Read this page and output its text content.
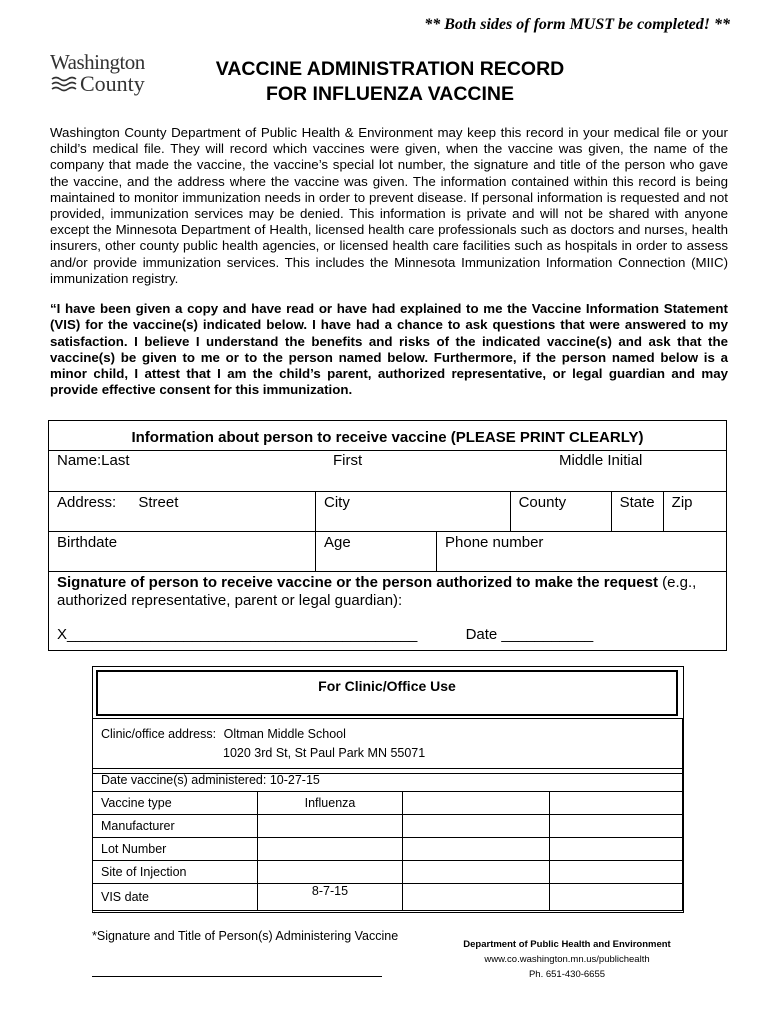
** Both sides of form MUST be completed! **
Washington
County
VACCINE ADMINISTRATION RECORD
FOR INFLUENZA VACCINE
Washington County Department of Public Health & Environment may keep this record in your medical file or your child’s medical file. They will record which vaccines were given, when the vaccine was given, the name of the company that made the vaccine, the vaccine’s special lot number, the signature and title of the person who gave the vaccine, and the address where the vaccine was given. The information contained within this record is being maintained to monitor immunization needs in order to prevent disease. If personal information is requested and not provided, immunization services may be denied. This information is private and will not be shared with anyone except the Minnesota Department of Health, licensed health care professionals such as doctors and nurses, health insurers, other county public health agencies, or licensed health care facilities such as hospitals in order to assess and/or provide immunization services. This includes the Minnesota Immunization Information Connection (MIIC) immunization registry.
“I have been given a copy and have read or have had explained to me the Vaccine Information Statement (VIS) for the vaccine(s) indicated below. I have had a chance to ask questions that were answered to my satisfaction. I believe I understand the benefits and risks of the indicated vaccine(s) and ask that the vaccine(s) be given to me or to the person named below. Furthermore, if the person named below is a minor child, I attest that I am the child’s parent, authorized representative, or legal guardian and may provide effective consent for this immunization.
Information about person to receive vaccine (PLEASE PRINT CLEARLY)					

Name:Last First Middle Initial					

Address: Street	City		County	State	Zip
Birthdate	Age	Phone number			
Signature of person to receive vaccine or the person authorized to make the request (e.g.,
authorized representative, parent or legal guardian):
X__________________________________________ Date ___________					
For Clinic/Office Use
Clinic/office address: Oltman Middle School
1020 3rd St, St Paul Park MN 55071
Date vaccine(s) administered: 10-27-15			
Vaccine type	Influenza		
Manufacturer			
Lot Number			
Site of Injection			
VIS date	8-7-15		
*Signature and Title of Person(s) Administering Vaccine
Department of Public Health and Environment
www.co.washington.mn.us/publichealth
Ph. 651-430-6655
